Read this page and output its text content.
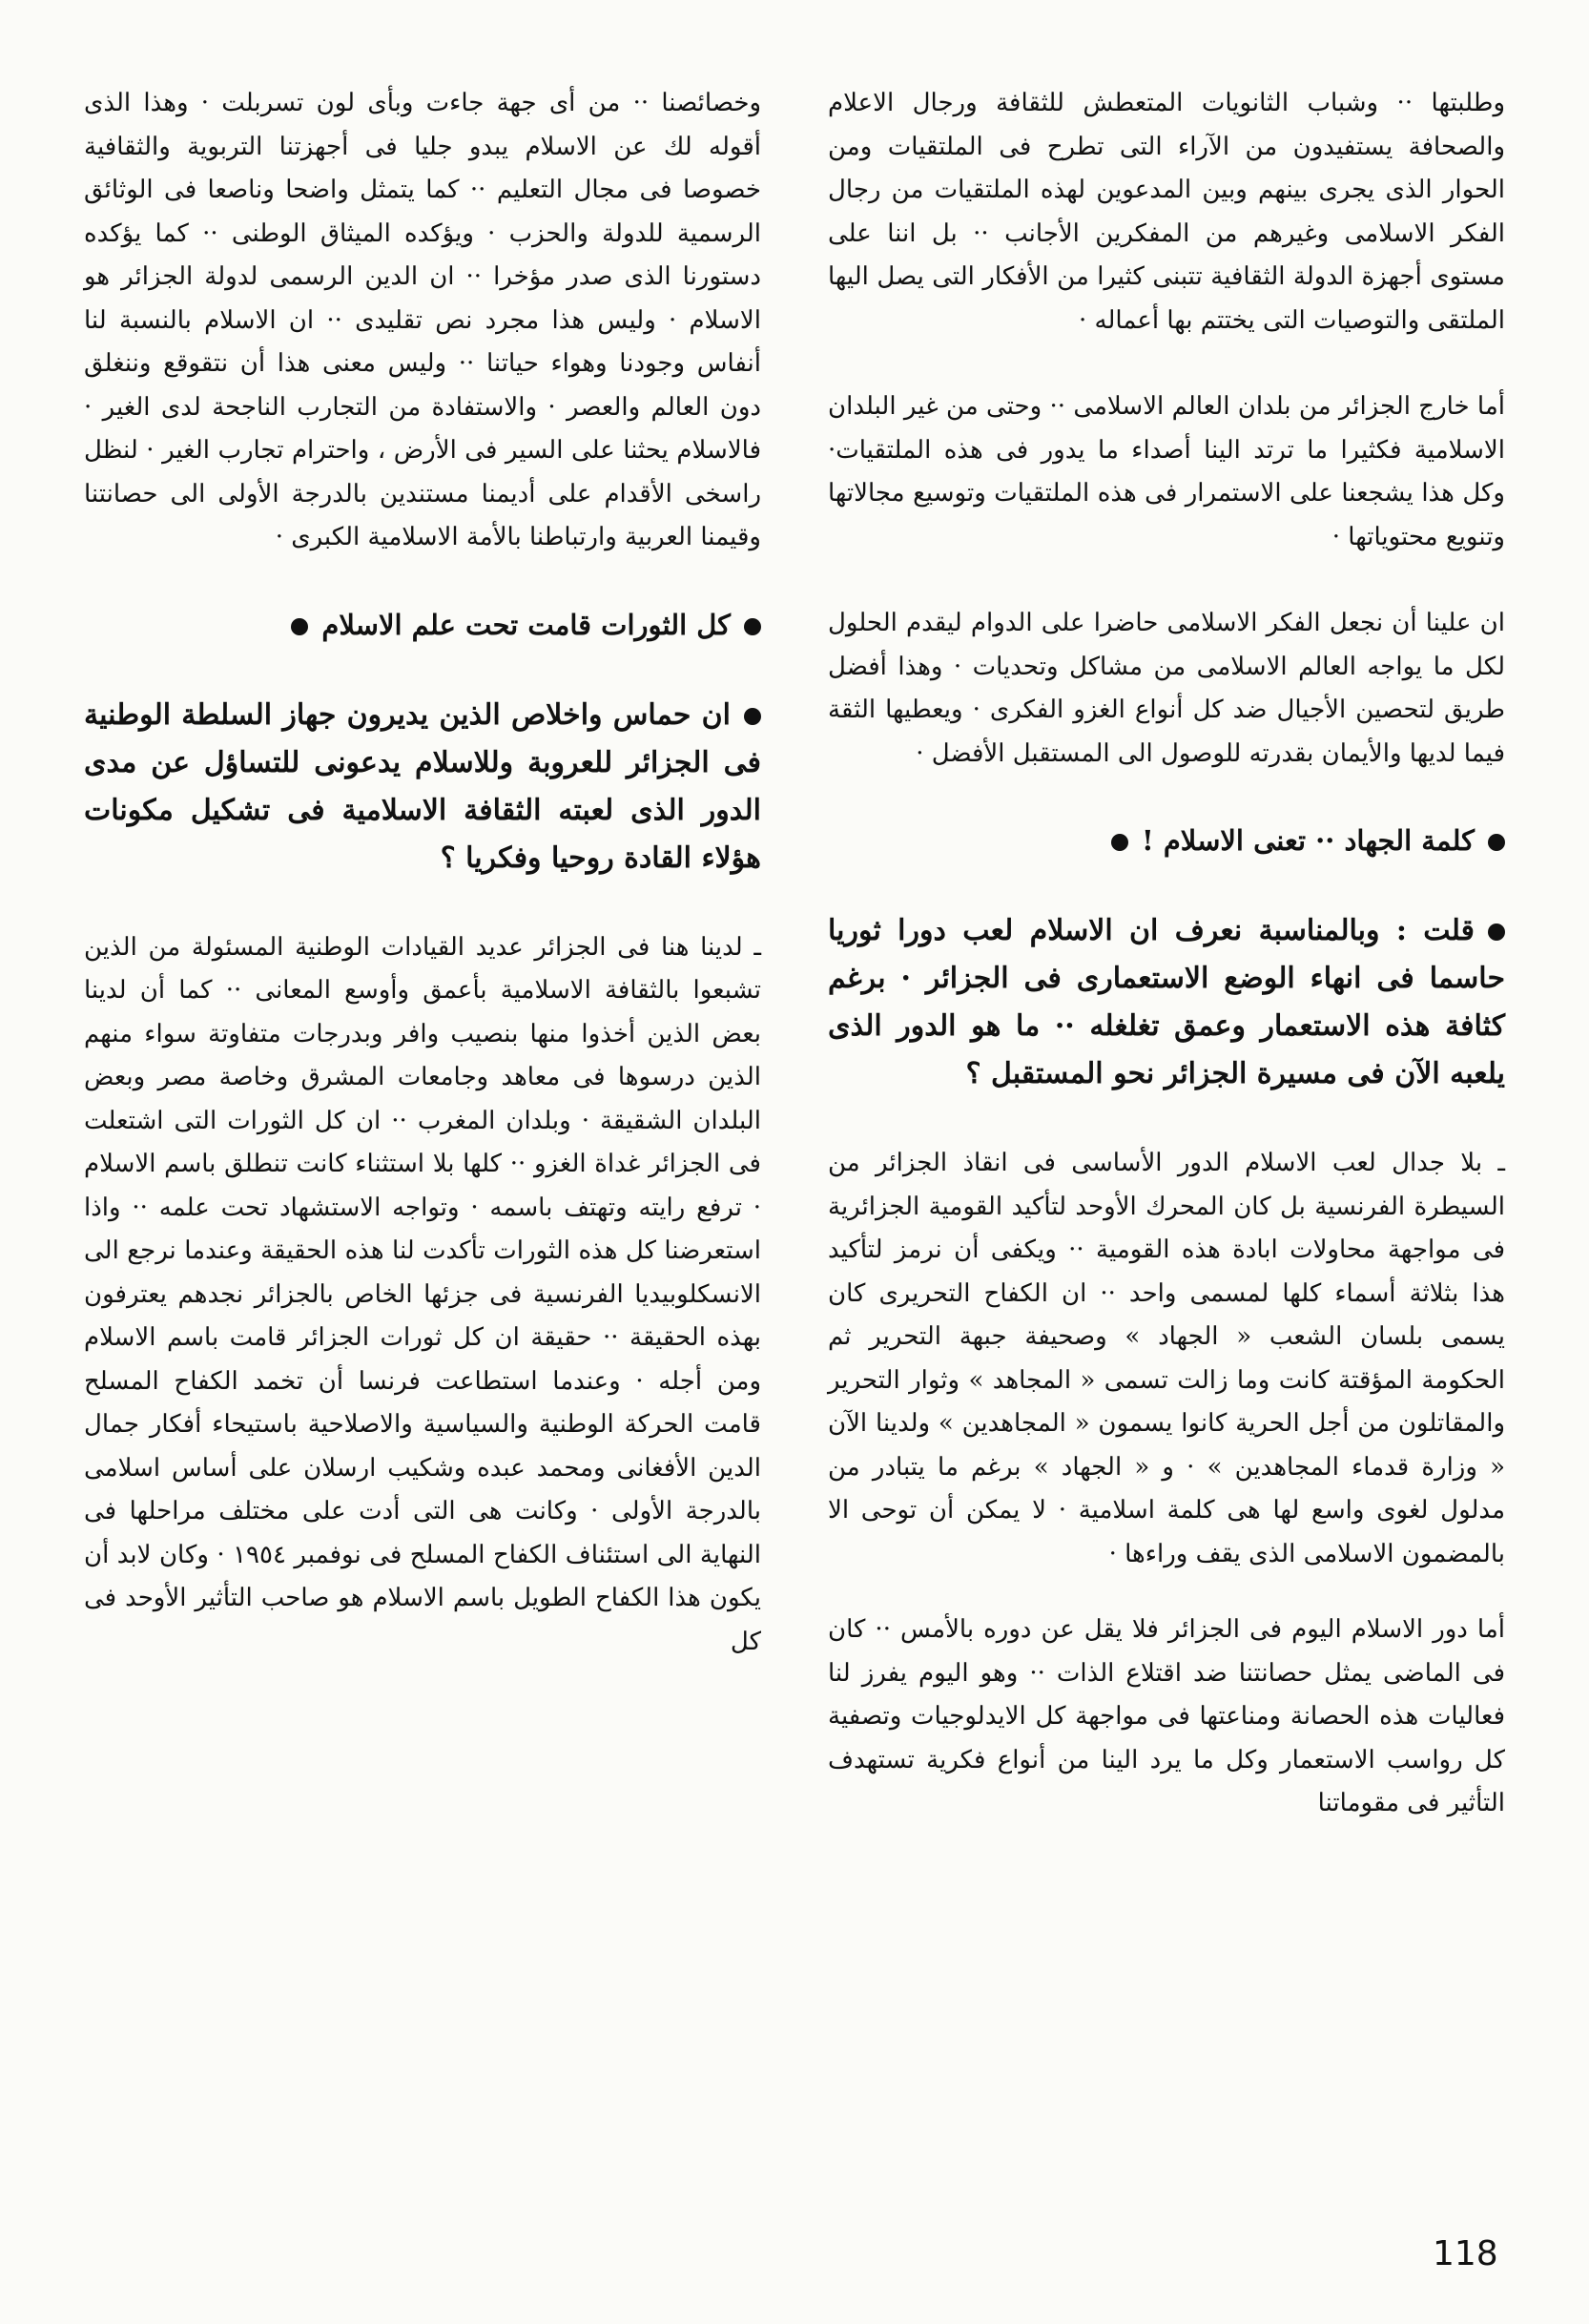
وطلبتها ·· وشباب الثانويات المتعطش للثقافة ورجال الاعلام والصحافة يستفيدون من الآراء التى تطرح فى الملتقيات ومن الحوار الذى يجرى بينهم وبين المدعوين لهذه الملتقيات من رجال الفكر الاسلامى وغيرهم من المفكرين الأجانب ·· بل اننا على مستوى أجهزة الدولة الثقافية تتبنى كثيرا من الأفكار التى يصل اليها الملتقى والتوصيات التى يختتم بها أعماله ·

أما خارج الجزائر من بلدان العالم الاسلامى ·· وحتى من غير البلدان الاسلامية فكثيرا ما ترتد الينا أصداء ما يدور فى هذه الملتقيات· وكل هذا يشجعنا على الاستمرار فى هذه الملتقيات وتوسيع مجالاتها وتنويع محتوياتها ·

ان علينا أن نجعل الفكر الاسلامى حاضرا على الدوام ليقدم الحلول لكل ما يواجه العالم الاسلامى من مشاكل وتحديات · وهذا أفضل طريق لتحصين الأجيال ضد كل أنواع الغزو الفكرى · ويعطيها الثقة فيما لديها والأيمان بقدرته للوصول الى المستقبل الأفضل ·

كلمة الجهاد ·· تعنى الاسلام !
قلت : وبالمناسبة نعرف ان الاسلام لعب دورا ثوريا حاسما فى انهاء الوضع الاستعمارى فى الجزائر · برغم كثافة هذه الاستعمار وعمق تغلغله ·· ما هو الدور الذى يلعبه الآن فى مسيرة الجزائر نحو المستقبل ؟

ـ بلا جدال لعب الاسلام الدور الأساسى فى انقاذ الجزائر من السيطرة الفرنسية بل كان المحرك الأوحد لتأكيد القومية الجزائرية فى مواجهة محاولات ابادة هذه القومية ·· ويكفى أن نرمز لتأكيد هذا بثلاثة أسماء كلها لمسمى واحد ·· ان الكفاح التحريرى كان يسمى بلسان الشعب « الجهاد » وصحيفة جبهة التحرير ثم الحكومة المؤقتة كانت وما زالت تسمى « المجاهد » وثوار التحرير والمقاتلون من أجل الحرية كانوا يسمون « المجاهدين » ولدينا الآن « وزارة قدماء المجاهدين » · و « الجهاد » برغم ما يتبادر من مدلول لغوى واسع لها هى كلمة اسلامية · لا يمكن أن توحى الا بالمضمون الاسلامى الذى يقف وراءها ·

أما دور الاسلام اليوم فى الجزائر فلا يقل عن دوره بالأمس ·· كان فى الماضى يمثل حصانتنا ضد اقتلاع الذات ·· وهو اليوم يفرز لنا فعاليات هذه الحصانة ومناعتها فى مواجهة كل الايدلوجيات وتصفية كل رواسب الاستعمار وكل ما يرد الينا من أنواع فكرية تستهدف التأثير فى مقوماتنا

وخصائصنا ·· من أى جهة جاءت وبأى لون تسربلت · وهذا الذى أقوله لك عن الاسلام يبدو جليا فى أجهزتنا التربوية والثقافية خصوصا فى مجال التعليم ·· كما يتمثل واضحا وناصعا فى الوثائق الرسمية للدولة والحزب · ويؤكده الميثاق الوطنى ·· كما يؤكده دستورنا الذى صدر مؤخرا ·· ان الدين الرسمى لدولة الجزائر هو الاسلام · وليس هذا مجرد نص تقليدى ·· ان الاسلام بالنسبة لنا أنفاس وجودنا وهواء حياتنا ·· وليس معنى هذا أن نتقوقع وننغلق دون العالم والعصر · والاستفادة من التجارب الناجحة لدى الغير · فالاسلام يحثنا على السير فى الأرض ، واحترام تجارب الغير · لنظل راسخى الأقدام على أديمنا مستندين بالدرجة الأولى الى حصانتنا وقيمنا العربية وارتباطنا بالأمة الاسلامية الكبرى ·

كل الثورات قامت تحت علم الاسلام
ان حماس واخلاص الذين يديرون جهاز السلطة الوطنية فى الجزائر للعروبة وللاسلام يدعونى للتساؤل عن مدى الدور الذى لعبته الثقافة الاسلامية فى تشكيل مكونات هؤلاء القادة روحيا وفكريا ؟

ـ لدينا هنا فى الجزائر عديد القيادات الوطنية المسئولة من الذين تشبعوا بالثقافة الاسلامية بأعمق وأوسع المعانى ·· كما أن لدينا بعض الذين أخذوا منها بنصيب وافر وبدرجات متفاوتة سواء منهم الذين درسوها فى معاهد وجامعات المشرق وخاصة مصر وبعض البلدان الشقيقة · وبلدان المغرب ·· ان كل الثورات التى اشتعلت فى الجزائر غداة الغزو ·· كلها بلا استثناء كانت تنطلق باسم الاسلام · ترفع رايته وتهتف باسمه · وتواجه الاستشهاد تحت علمه ·· واذا استعرضنا كل هذه الثورات تأكدت لنا هذه الحقيقة وعندما نرجع الى الانسكلوبيديا الفرنسية فى جزئها الخاص بالجزائر نجدهم يعترفون بهذه الحقيقة ·· حقيقة ان كل ثورات الجزائر قامت باسم الاسلام ومن أجله · وعندما استطاعت فرنسا أن تخمد الكفاح المسلح قامت الحركة الوطنية والسياسية والاصلاحية باستيحاء أفكار جمال الدين الأفغانى ومحمد عبده وشكيب ارسلان على أساس اسلامى بالدرجة الأولى · وكانت هى التى أدت على مختلف مراحلها فى النهاية الى استئناف الكفاح المسلح فى نوفمبر ١٩٥٤ · وكان لابد أن يكون هذا الكفاح الطويل باسم الاسلام هو صاحب التأثير الأوحد فى كل

118
